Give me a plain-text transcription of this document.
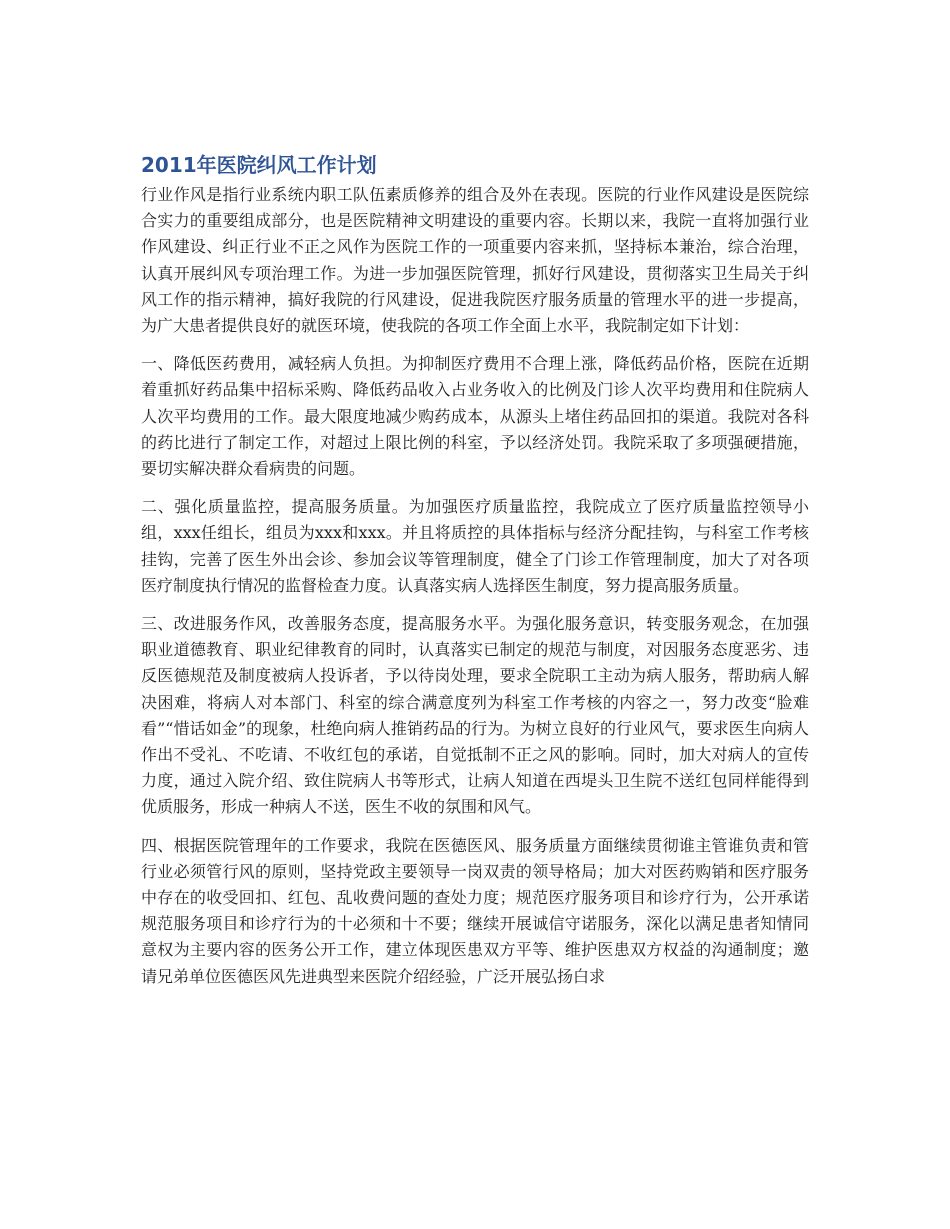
2011年医院纠风工作计划

行业作风是指行业系统内职工队伍素质修养的组合及外在表现。医院的行业作风建设是医院综合实力的重要组成部分，也是医院精神文明建设的重要内容。长期以来，我院一直将加强行业作风建设、纠正行业不正之风作为医院工作的一项重要内容来抓，坚持标本兼治，综合治理，认真开展纠风专项治理工作。为进一步加强医院管理，抓好行风建设，贯彻落实卫生局关于纠风工作的指示精神，搞好我院的行风建设，促进我院医疗服务质量的管理水平的进一步提高，为广大患者提供良好的就医环境，使我院的各项工作全面上水平，我院制定如下计划：

一、降低医药费用，减轻病人负担。为抑制医疗费用不合理上涨，降低药品价格，医院在近期着重抓好药品集中招标采购、降低药品收入占业务收入的比例及门诊人次平均费用和住院病人人次平均费用的工作。最大限度地减少购药成本，从源头上堵住药品回扣的渠道。我院对各科的药比进行了制定工作，对超过上限比例的科室，予以经济处罚。我院采取了多项强硬措施，要切实解决群众看病贵的问题。

二、强化质量监控，提高服务质量。为加强医疗质量监控，我院成立了医疗质量监控领导小组，xxx任组长，组员为xxx和xxx。并且将质控的具体指标与经济分配挂钩，与科室工作考核挂钩，完善了医生外出会诊、参加会议等管理制度，健全了门诊工作管理制度，加大了对各项医疗制度执行情况的监督检查力度。认真落实病人选择医生制度，努力提高服务质量。

三、改进服务作风，改善服务态度，提高服务水平。为强化服务意识，转变服务观念，在加强职业道德教育、职业纪律教育的同时，认真落实已制定的规范与制度，对因服务态度恶劣、违反医德规范及制度被病人投诉者，予以待岗处理，要求全院职工主动为病人服务，帮助病人解决困难，将病人对本部门、科室的综合满意度列为科室工作考核的内容之一，努力改变“脸难看”“惜话如金”的现象，杜绝向病人推销药品的行为。为树立良好的行业风气，要求医生向病人作出不受礼、不吃请、不收红包的承诺，自觉抵制不正之风的影响。同时，加大对病人的宣传力度，通过入院介绍、致住院病人书等形式，让病人知道在西堤头卫生院不送红包同样能得到优质服务，形成一种病人不送，医生不收的氛围和风气。

四、根据医院管理年的工作要求，我院在医德医风、服务质量方面继续贯彻谁主管谁负责和管行业必须管行风的原则，坚持党政主要领导一岗双责的领导格局；加大对医药购销和医疗服务中存在的收受回扣、红包、乱收费问题的查处力度；规范医疗服务项目和诊疗行为，公开承诺规范服务项目和诊疗行为的十必须和十不要；继续开展诚信守诺服务，深化以满足患者知情同意权为主要内容的医务公开工作，建立体现医患双方平等、维护医患双方权益的沟通制度；邀请兄弟单位医德医风先进典型来医院介绍经验，广泛开展弘扬白求
